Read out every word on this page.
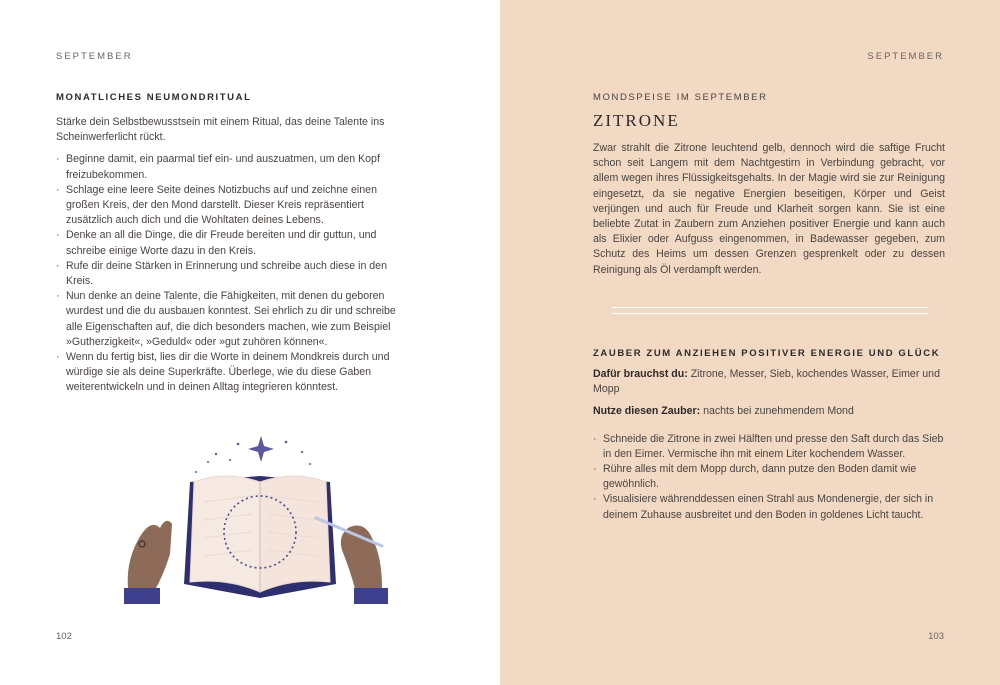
SEPTEMBER
MONATLICHES NEUMONDRITUAL
Stärke dein Selbstbewusstsein mit einem Ritual, das deine Talente ins Scheinwerferlicht rückt.
· Beginne damit, ein paarmal tief ein- und auszuatmen, um den Kopf freizubekommen.
· Schlage eine leere Seite deines Notizbuchs auf und zeichne einen großen Kreis, der den Mond darstellt. Dieser Kreis repräsentiert zusätzlich auch dich und die Wohltaten deines Lebens.
· Denke an all die Dinge, die dir Freude bereiten und dir guttun, und schreibe einige Worte dazu in den Kreis.
· Rufe dir deine Stärken in Erinnerung und schreibe auch diese in den Kreis.
· Nun denke an deine Talente, die Fähigkeiten, mit denen du geboren wurdest und die du ausbauen konntest. Sei ehrlich zu dir und schreibe alle Eigenschaften auf, die dich besonders machen, wie zum Beispiel »Gutherzigkeit«, »Geduld« oder »gut zuhören können«.
· Wenn du fertig bist, lies dir die Worte in deinem Mondkreis durch und würdige sie als deine Superkräfte. Überlege, wie du diese Gaben weiterentwickeln und in deinen Alltag integrieren könntest.
102
SEPTEMBER
MONDSPEISE IM SEPTEMBER
ZITRONE
Zwar strahlt die Zitrone leuchtend gelb, dennoch wird die saftige Frucht schon seit Langem mit dem Nachtgestirn in Verbindung gebracht, vor allem wegen ihres Flüssigkeitsgehalts. In der Magie wird sie zur Reinigung eingesetzt, da sie negative Energien beseitigen, Körper und Geist verjüngen und auch für Freude und Klarheit sorgen kann. Sie ist eine beliebte Zutat in Zaubern zum Anziehen positiver Energie und kann auch als Elixier oder Aufguss eingenommen, in Badewasser gegeben, zum Schutz des Heims um dessen Grenzen gesprenkelt oder zu dessen Reinigung als Öl verdampft werden.
ZAUBER ZUM ANZIEHEN POSITIVER ENERGIE UND GLÜCK

Dafür brauchst du: Zitrone, Messer, Sieb, kochendes Wasser, Eimer und Mopp

Nutze diesen Zauber: nachts bei zunehmendem Mond

· Schneide die Zitrone in zwei Hälften und presse den Saft durch das Sieb in den Eimer. Vermische ihn mit einem Liter kochendem Wasser.
· Rühre alles mit dem Mopp durch, dann putze den Boden damit wie gewöhnlich.
· Visualisiere währenddessen einen Strahl aus Mondenergie, der sich in deinem Zuhause ausbreitet und den Boden in goldenes Licht taucht.
103
